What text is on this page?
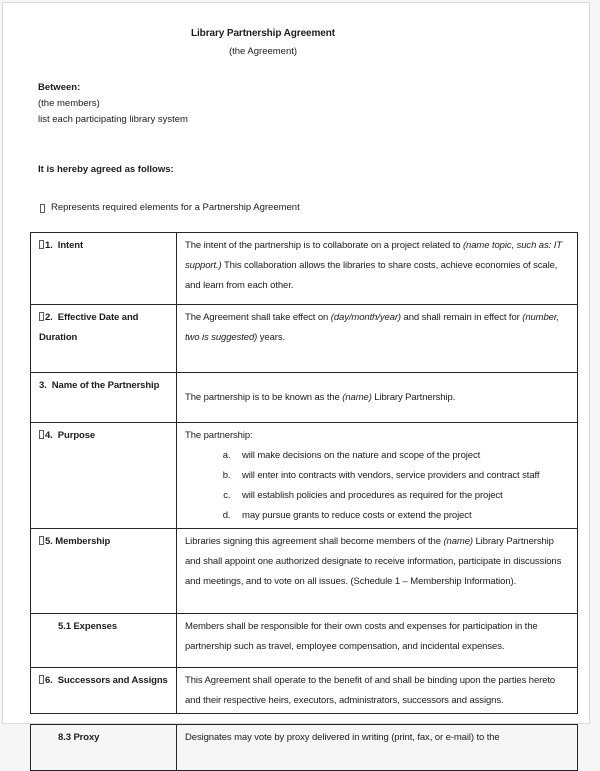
Library Partnership Agreement
(the Agreement)
Between:
(the members)
list each participating library system
It is hereby agreed as follows:
Represents required elements for a Partnership Agreement
1.  Intent	The intent of the partnership is to collaborate on a project related to (name topic, such as: IT support.) This collaboration allows the libraries to share costs, achieve economies of scale, and learn from each other.

2.  Effective Date and Duration	The Agreement shall take effect on (day/month/year) and shall remain in effect for (number, two is suggested) years.

3.  Name of the Partnership	The partnership is to be known as the (name) Library Partnership.

4.  Purpose	The partnership:

a. will make decisions on the nature and scope of the project
b. will enter into contracts with vendors, service providers and contract staff
c. will establish policies and procedures as required for the project
d. may pursue grants to reduce costs or extend the project

5. Membership	Libraries signing this agreement shall become members of the (name) Library Partnership and shall appoint one authorized designate to receive information, participate in discussions and meetings, and to vote on all issues. (Schedule 1 – Membership Information).

5.1 Expenses	Members shall be responsible for their own costs and expenses for participation in the partnership such as travel, employee compensation, and incidental expenses.

6.  Successors and Assigns	This Agreement shall operate to the benefit of and shall be binding upon the parties hereto and their respective heirs, executors, administrators, successors and assigns.

8.3 Proxy	Designates may vote by proxy delivered in writing (print, fax, or e-mail) to the
